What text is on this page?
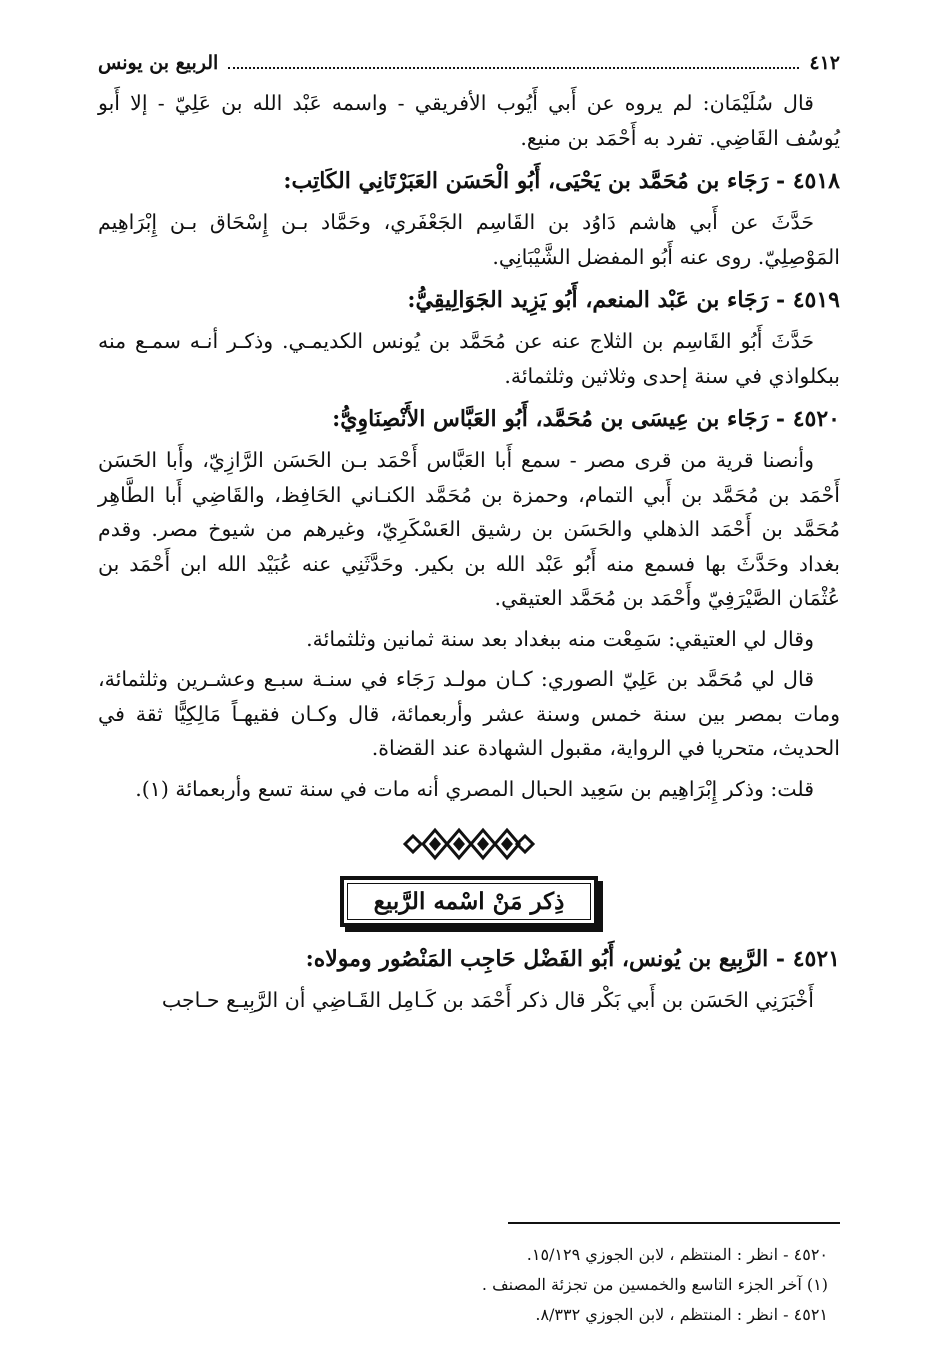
٤١٢
الربيع بن يونس

قال سُلَيْمَان: لم يروه عن أَبي أَيُوب الأفريقي - واسمه عَبْد الله بن عَلِيّ - إلا أَبو يُوسُف القَاضِي. تفرد به أَحْمَد بن منيع.

٤٥١٨ - رَجَاء بن مُحَمَّد بن يَحْيَى، أَبُو الْحَسَن العَبَرْتَانِي الكَاتِب:

حَدَّثَ عن أَبي هاشم دَاوُد بن القَاسِم الجَعْفَري، وحَمَّاد بـن إِسْحَاق بـن إِبْرَاهِيم المَوْصِلِيّ. روى عنه أَبُو المفضل الشَّيْبَانِي.

٤٥١٩ - رَجَاء بن عَبْد المنعم، أَبُو يَزِيد الجَوَالِيقِيُّ:

حَدَّثَ أَبُو القَاسِم بن الثلاج عنه عن مُحَمَّد بن يُونس الكديمـي. وذكـر أنـه سمـع منه ببكلواذي في سنة إحدى وثلاثين وثلثمائة.

٤٥٢٠ - رَجَاء بن عِيسَى بن مُحَمَّد، أَبُو العَبَّاس الأَنْصِنَاوِيُّ:

وأنصنا قرية من قرى مصر - سمع أَبا العَبَّاس أَحْمَد بـن الحَسَن الرَّازِيّ، وأَبا الحَسَن أَحْمَد بن مُحَمَّد بن أَبي التمام، وحمزة بن مُحَمَّد الكنـاني الحَافِظ، والقَاضِي أَبا الطَّاهِر مُحَمَّد بن أَحْمَد الذهلي والحَسَن بن رشيق العَسْكَرِيّ، وغيرهم من شيوخ مصر. وقدم بغداد وحَدَّثَ بها فسمع منه أَبُو عَبْد الله بن بكير. وحَدَّثَنِي عنه عُبَيْد الله ابن أَحْمَد بن عُثْمَان الصَّيْرَفِيّ وأَحْمَد بن مُحَمَّد العتيقي.

وقال لي العتيقي: سَمِعْت منه ببغداد بعد سنة ثمانين وثلثمائة.

قال لي مُحَمَّد بن عَلِيّ الصوري: كـان مولـد رَجَاء في سنـة سبـع وعشـرين وثلثمائة، ومات بمصر بين سنة خمس وسنة عشر وأربعمائة، قال وكـان فقيهـاً مَالِكِيًّا ثقة في الحديث، متحريا في الرواية، مقبول الشهادة عند القضاة.

قلت: وذكر إِبْرَاهِيم بن سَعِيد الحبال المصري أنه مات في سنة تسع وأربعمائة (١).

ذِكر مَنْ اسْمه الرَّبيع
٤٥٢١ - الرَّبِيع بن يُونس، أَبُو الفَضْل حَاجِب المَنْصُور ومولاه:

أَخْبَرَنِي الحَسَن بن أَبي بَكْر قال ذكر أَحْمَد بن كَـامِل القَـاضِي أن الرَّبِيـع حـاجب

٤٥٢٠ - انظر : المنتظم ، لابن الجوزي ١٥/١٢٩.
(١) آخر الجزء التاسع والخمسين من تجزئة المصنف .
٤٥٢١ - انظر : المنتظم ، لابن الجوزي ٨/٣٣٢.
